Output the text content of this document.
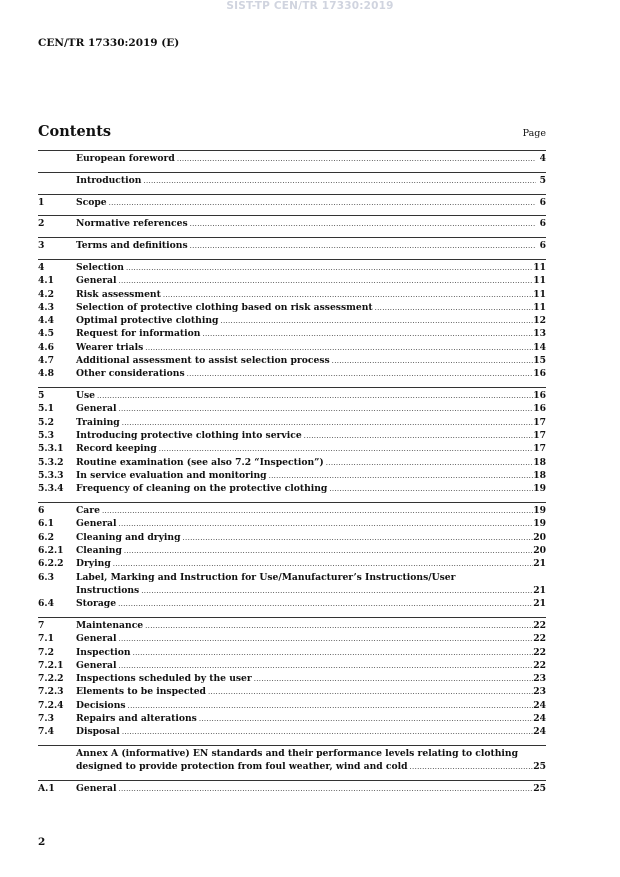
SIST-TP CEN/TR 17330:2019
CEN/TR 17330:2019 (E)
Contents	Page
European foreword .....	4
Introduction .....	5
1	Scope .....	6
2	Normative references .....	6
3	Terms and definitions .....	6
4	Selection .....	11
4.1	General .....	11
4.2	Risk assessment .....	11
4.3	Selection of protective clothing based on risk assessment .....	11
4.4	Optimal protective clothing .....	12
4.5	Request for information .....	13
4.6	Wearer trials .....	14
4.7	Additional assessment to assist selection process .....	15
4.8	Other considerations .....	16
5	Use .....	16
5.1	General .....	16
5.2	Training .....	17
5.3	Introducing protective clothing into service .....	17
5.3.1	Record keeping .....	17
5.3.2	Routine examination (see also 7.2 “Inspection”) .....	18
5.3.3	In service evaluation and monitoring .....	18
5.3.4	Frequency of cleaning on the protective clothing .....	19
6	Care .....	19
6.1	General .....	19
6.2	Cleaning and drying .....	20
6.2.1	Cleaning .....	20
6.2.2	Drying .....	21
6.3 Label, Marking and Instruction for Use/Manufacturer’s Instructions/User
Instructions .....	21
6.4	Storage .....	21
7	Maintenance .....	22
7.1	General .....	22
7.2	Inspection .....	22
7.2.1	General .....	22
7.2.2	Inspections scheduled by the user .....	23
7.2.3	Elements to be inspected .....	23
7.2.4	Decisions .....	24
7.3	Repairs and alterations .....	24
7.4	Disposal .....	24
Annex A (informative) EN standards and their performance levels relating to clothing
designed to provide protection from foul weather, wind and cold .....	25
A.1	General .....	25
2
